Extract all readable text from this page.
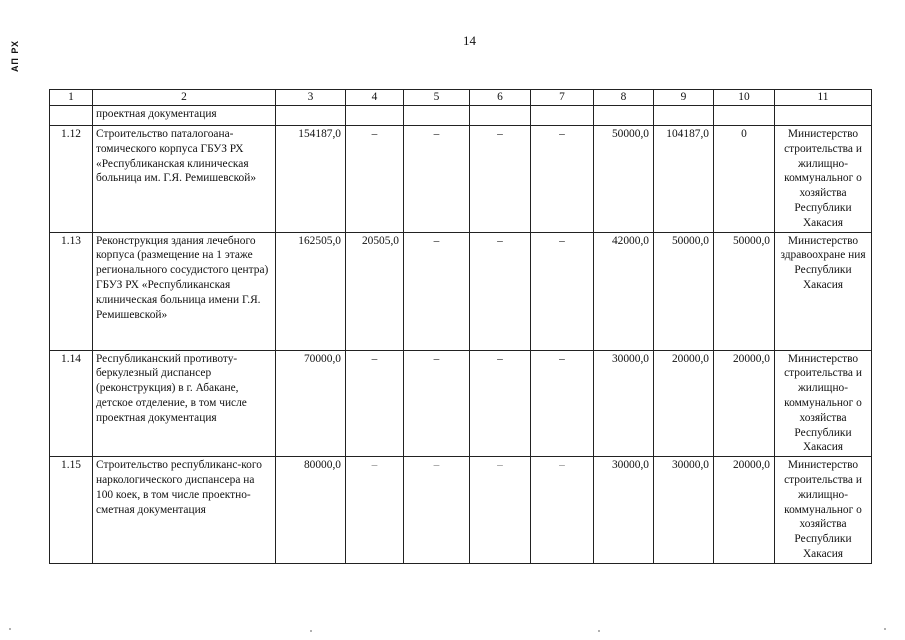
АП РХ	14
1	2	3	4	5	6	7	8	9	10	11
	проектная документация									
1.12	Строительство паталогоана-томического корпуса ГБУЗ РХ «Республиканская клиническая больница им. Г.Я. Ремишевской»	154187,0	–	–	–	–	50000,0	104187,0	0	Министерство строительства и жилищно-коммунальног о хозяйства Республики Хакасия
1.13	Реконструкция здания лечебного корпуса (размещение на 1 этаже регионального сосудистого центра) ГБУЗ РХ «Республиканская клиническая больница имени Г.Я. Ремишевской»	162505,0	20505,0	–	–	–	42000,0	50000,0	50000,0	Министерство здравоохране ния Республики Хакасия
1.14	Республиканский противоту-беркулезный диспансер (реконструкция) в г. Абакане, детское отделение, в том числе проектная документация	70000,0	–	–	–	–	30000,0	20000,0	20000,0	Министерство строительства и жилищно-коммунальног о хозяйства Республики Хакасия
1.15	Строительство республиканс-кого наркологического диспансера на 100 коек, в том числе проектно-сметная документация	80000,0	–	–	–	–	30000,0	30000,0	20000,0	Министерство строительства и жилищно-коммунальног о хозяйства Республики Хакасия
